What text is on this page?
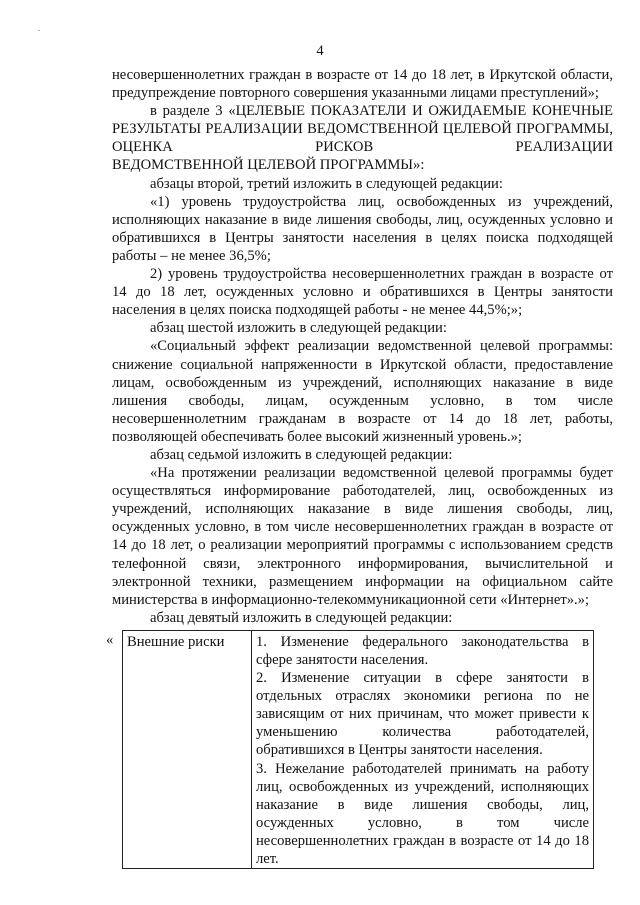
4

несовершеннолетних граждан в возрасте от 14 до 18 лет, в Иркутской области, предупреждение повторного совершения указанными лицами преступлений»;

в разделе 3 «ЦЕЛЕВЫЕ ПОКАЗАТЕЛИ И ОЖИДАЕМЫЕ КОНЕЧНЫЕ РЕЗУЛЬТАТЫ РЕАЛИЗАЦИИ ВЕДОМСТВЕННОЙ ЦЕЛЕВОЙ ПРОГРАММЫ, ОЦЕНКА РИСКОВ РЕАЛИЗАЦИИ

ВЕДОМСТВЕННОЙ ЦЕЛЕВОЙ ПРОГРАММЫ»:

абзацы второй, третий изложить в следующей редакции:

«1) уровень трудоустройства лиц, освобожденных из учреждений, исполняющих наказание в виде лишения свободы, лиц, осужденных условно и обратившихся в Центры занятости населения в целях поиска подходящей работы – не менее 36,5%;

2) уровень трудоустройства несовершеннолетних граждан в возрасте от 14 до 18 лет, осужденных условно и обратившихся в Центры занятости населения в целях поиска подходящей работы - не менее 44,5%;»;

абзац шестой изложить в следующей редакции:

«Социальный эффект реализации ведомственной целевой программы: снижение социальной напряженности в Иркутской области, предоставление лицам, освобожденным из учреждений, исполняющих наказание в виде лишения свободы, лицам, осужденным условно, в том числе несовершеннолетним гражданам в возрасте от 14 до 18 лет, работы, позволяющей обеспечивать более высокий жизненный уровень.»;

абзац седьмой изложить в следующей редакции:

«На протяжении реализации ведомственной целевой программы будет осуществляться информирование работодателей, лиц, освобожденных из учреждений, исполняющих наказание в виде лишения свободы, лиц, осужденных условно, в том числе несовершеннолетних граждан в возрасте от 14 до 18 лет, о реализации мероприятий программы с использованием средств телефонной связи, электронного информирования, вычислительной и электронной техники, размещением информации на официальном сайте министерства в информационно-телекоммуникационной сети «Интернет».»;

абзац девятый изложить в следующей редакции:

« Внешние риски	1. Изменение федерального законодательства в сфере занятости населения.
2. Изменение ситуации в сфере занятости в отдельных отраслях экономики региона по не зависящим от них причинам, что может привести к уменьшению количества работодателей, обратившихся в Центры занятости населения.
3. Нежелание работодателей принимать на работу лиц, освобожденных из учреждений, исполняющих наказание в виде лишения свободы, лиц, осужденных условно, в том числе несовершеннолетних граждан в возрасте от 14 до 18 лет.
